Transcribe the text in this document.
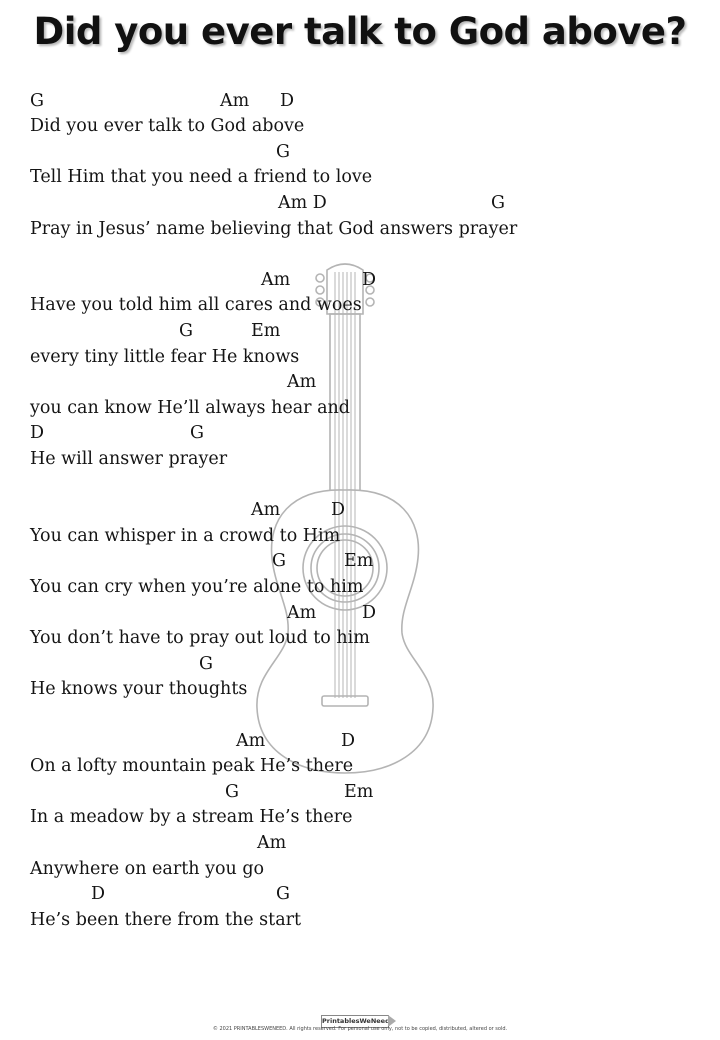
Did you ever talk to God above?
G	Am D
Did you ever talk to God above
G
Tell Him that you need a friend to love
Am D	G
Pray in Jesus’ name believing that God answers prayer
Am	D
Have you told him all cares and woes
G	Em
every tiny little fear He knows
Am
you can know He’ll always hear and
D	G
He will answer prayer
Am	D
You can whisper in a crowd to Him
G	Em
You can cry when you’re alone to him
Am	D
You don’t have to pray out loud to him
G
He knows your thoughts
Am	D
On a lofty mountain peak He’s there
G	Em
In a meadow by a stream He’s there
Am
Anywhere on earth you go
D	G
He’s been there from the start
PrintablesWeNeed
© 2021 PRINTABLESWENEED. All rights reserved. For personal use only, not to be copied, distributed, altered or sold.
